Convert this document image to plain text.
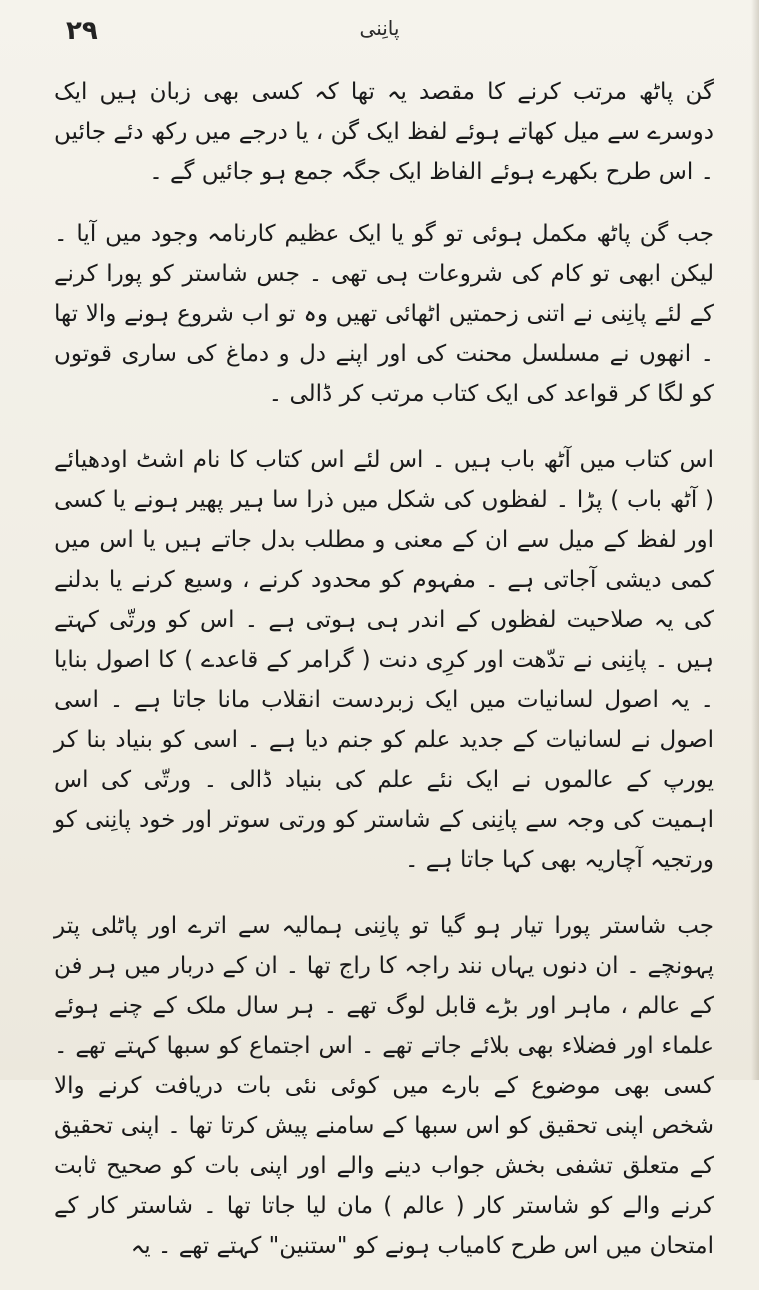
۲۹	پانِنی

گن پاٹھ مرتب کرنے کا مقصد یہ تھا کہ کسی بھی زبان ہیں ایک دوسرے سے میل کھاتے ہوئے لفظ ایک گن ، یا درجے میں رکھ دئے جائیں ۔ اس طرح بکھرے ہوئے الفاظ ایک جگہ جمع ہو جائیں گے ۔

جب گن پاٹھ مکمل ہوئی تو گو یا ایک عظیم کارنامہ وجود میں آیا ۔ لیکن ابھی تو کام کی شروعات ہی تھی ۔ جس شاستر کو پورا کرنے کے لئے پانِنی نے اتنی زحمتیں اٹھائی تھیں وہ تو اب شروع ہونے والا تھا ۔ انھوں نے مسلسل محنت کی اور اپنے دل و دماغ کی ساری قوتوں کو لگا کر قواعد کی ایک کتاب مرتب کر ڈالی ۔

اس کتاب میں آٹھ باب ہیں ۔ اس لئے اس کتاب کا نام اشٹ اودھیائے ( آٹھ باب ) پڑا ۔ لفظوں کی شکل میں ذرا سا ہیر پھیر ہونے یا کسی اور لفظ کے میل سے ان کے معنی و مطلب بدل جاتے ہیں یا اس میں کمی دیشی آجاتی ہے ۔ مفہوم کو محدود کرنے ، وسیع کرنے یا بدلنے کی یہ صلاحیت لفظوں کے اندر ہی ہوتی ہے ۔ اس کو ورتّی کہتے ہیں ۔ پانِنی نے تدّھت اور کرِی دنت ( گرامر کے قاعدے ) کا اصول بنایا ۔ یہ اصول لسانیات میں ایک زبردست انقلاب مانا جاتا ہے ۔ اسی اصول نے لسانیات کے جدید علم کو جنم دیا ہے ۔ اسی کو بنیاد بنا کر یورپ کے عالموں نے ایک نئے علم کی بنیاد ڈالی ۔ ورتّی کی اس اہمیت کی وجہ سے پانِنی کے شاستر کو ورتی سوتر اور خود پانِنی کو ورتجیہ آچاریہ بھی کہا جاتا ہے ۔

جب شاستر پورا تیار ہو گیا تو پانِنی ہمالیہ سے اترے اور پاٹلی پتر پہونچے ۔ ان دنوں یہاں نند راجہ کا راج تھا ۔ ان کے دربار میں ہر فن کے عالم ، ماہر اور بڑے قابل لوگ تھے ۔ ہر سال ملک کے چنے ہوئے علماء اور فضلاء بھی بلائے جاتے تھے ۔ اس اجتماع کو سبھا کہتے تھے ۔ کسی بھی موضوع کے بارے میں کوئی نئی بات دریافت کرنے والا شخص اپنی تحقیق کو اس سبھا کے سامنے پیش کرتا تھا ۔ اپنی تحقیق کے متعلق تشفی بخش جواب دینے والے اور اپنی بات کو صحیح ثابت کرنے والے کو شاستر کار ( عالم ) مان لیا جاتا تھا ۔ شاستر کار کے امتحان میں اس طرح کامیاب ہونے کو "ستنین" کہتے تھے ۔ یہ
